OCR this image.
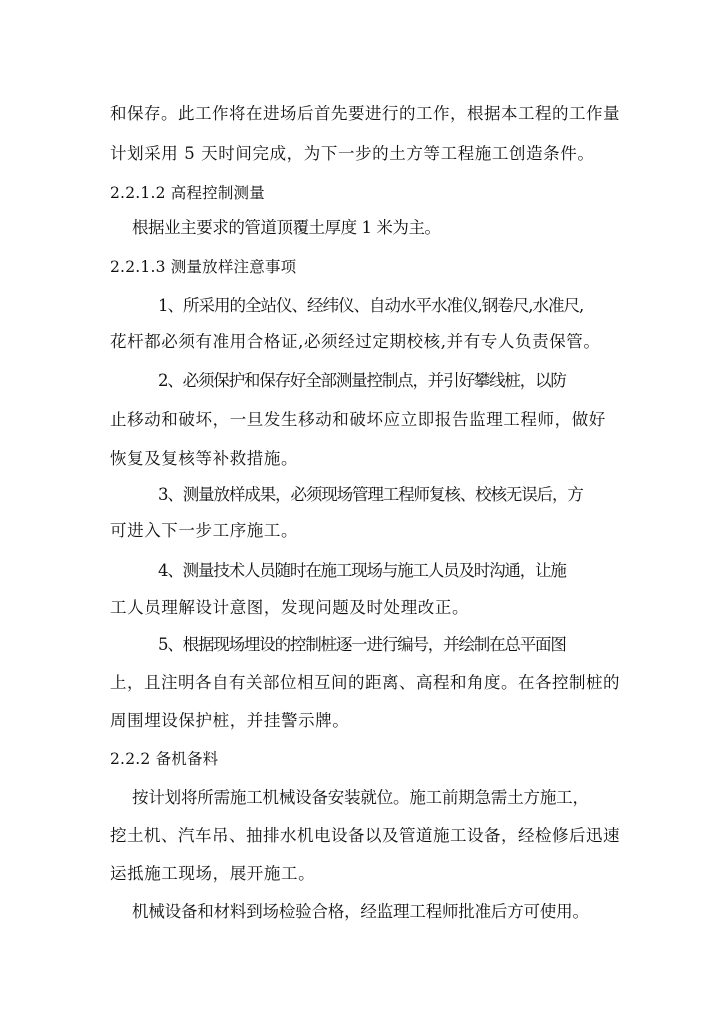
和保存。此工作将在进场后首先要进行的工作，根据本工程的工作量
计划采用 5 天时间完成，为下一步的土方等工程施工创造条件。
2.2.1.2 高程控制测量
根据业主要求的管道顶覆土厚度 1 米为主。
2.2.1.3 测量放样注意事项
1、所采用的全站仪、经纬仪、自动水平水准仪,钢卷尺,水准尺,
花杆都必须有准用合格证,必须经过定期校核,并有专人负责保管。
2、必须保护和保存好全部测量控制点，并引好攀线桩，以防
止移动和破坏，一旦发生移动和破坏应立即报告监理工程师，做好
恢复及复核等补救措施。
3、测量放样成果，必须现场管理工程师复核、校核无误后，方
可进入下一步工序施工。
4、测量技术人员随时在施工现场与施工人员及时沟通，让施
工人员理解设计意图，发现问题及时处理改正。
5、根据现场埋设的控制桩逐一进行编号，并绘制在总平面图
上，且注明各自有关部位相互间的距离、高程和角度。在各控制桩的
周围埋设保护桩，并挂警示牌。
2.2.2 备机备料
按计划将所需施工机械设备安装就位。施工前期急需土方施工，
挖土机、汽车吊、抽排水机电设备以及管道施工设备，经检修后迅速
运抵施工现场，展开施工。
机械设备和材料到场检验合格，经监理工程师批准后方可使用。
